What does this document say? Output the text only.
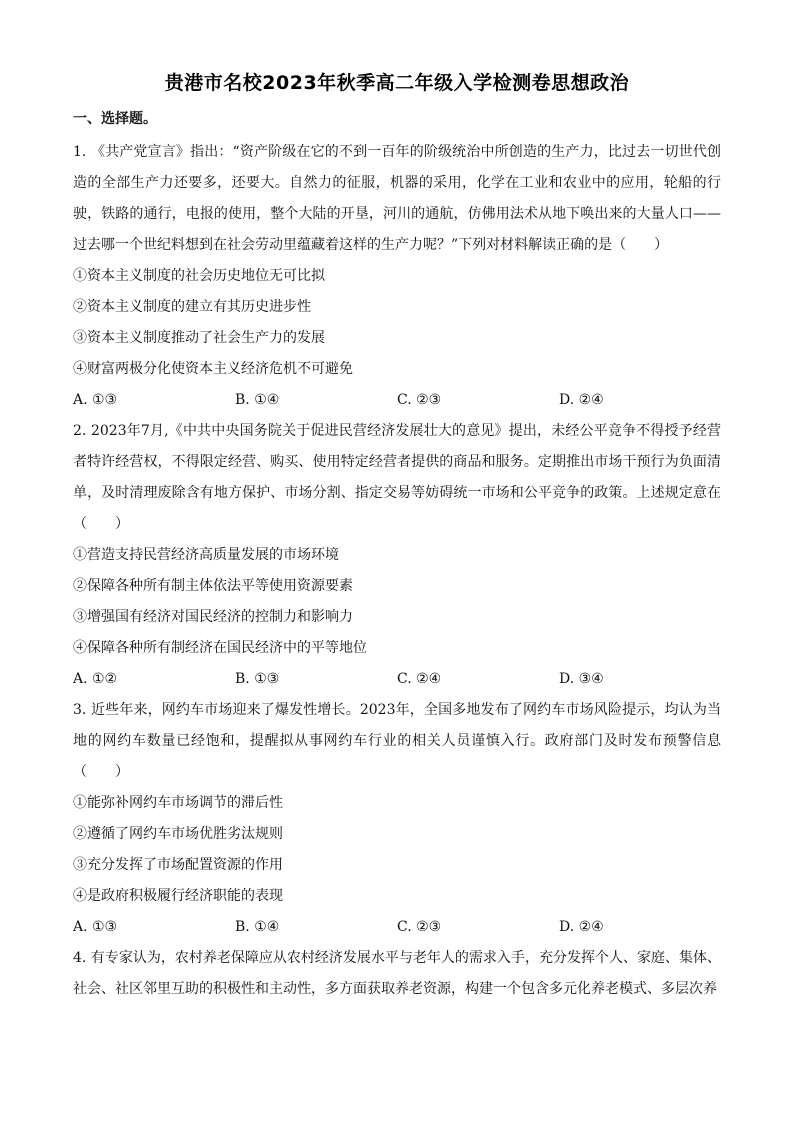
贵港市名校2023年秋季高二年级入学检测卷思想政治
一、选择题。
1. 《共产党宣言》指出：“资产阶级在它的不到一百年的阶级统治中所创造的生产力，比过去一切世代创造的全部生产力还要多，还要大。自然力的征服，机器的采用，化学在工业和农业中的应用，轮船的行驶，铁路的通行，电报的使用，整个大陆的开垦，河川的通航，仿佛用法术从地下唤出来的大量人口——过去哪一个世纪料想到在社会劳动里蕴藏着这样的生产力呢？”下列对材料解读正确的是（　　）
①资本主义制度的社会历史地位无可比拟
②资本主义制度的建立有其历史进步性
③资本主义制度推动了社会生产力的发展
④财富两极分化使资本主义经济危机不可避免
A. ①③	B. ①④	C. ②③	D. ②④
2. 2023年7月,《中共中央国务院关于促进民营经济发展壮大的意见》提出，未经公平竞争不得授予经营者特许经营权，不得限定经营、购买、使用特定经营者提供的商品和服务。定期推出市场干预行为负面清单，及时清理废除含有地方保护、市场分割、指定交易等妨碍统一市场和公平竞争的政策。上述规定意在（　　）
①营造支持民营经济高质量发展的市场环境
②保障各种所有制主体依法平等使用资源要素
③增强国有经济对国民经济的控制力和影响力
④保障各种所有制经济在国民经济中的平等地位
A. ①②	B. ①③	C. ②④	D. ③④
3. 近些年来，网约车市场迎来了爆发性增长。2023年，全国多地发布了网约车市场风险提示，均认为当地的网约车数量已经饱和，提醒拟从事网约车行业的相关人员谨慎入行。政府部门及时发布预警信息（　　）
①能弥补网约车市场调节的滞后性
②遵循了网约车市场优胜劣汰规则
③充分发挥了市场配置资源的作用
④是政府积极履行经济职能的表现
A. ①③	B. ①④	C. ②③	D. ②④
4. 有专家认为，农村养老保障应从农村经济发展水平与老年人的需求入手，充分发挥个人、家庭、集体、社会、社区邻里互助的积极性和主动性，多方面获取养老资源，构建一个包含多元化养老模式、多层次养
